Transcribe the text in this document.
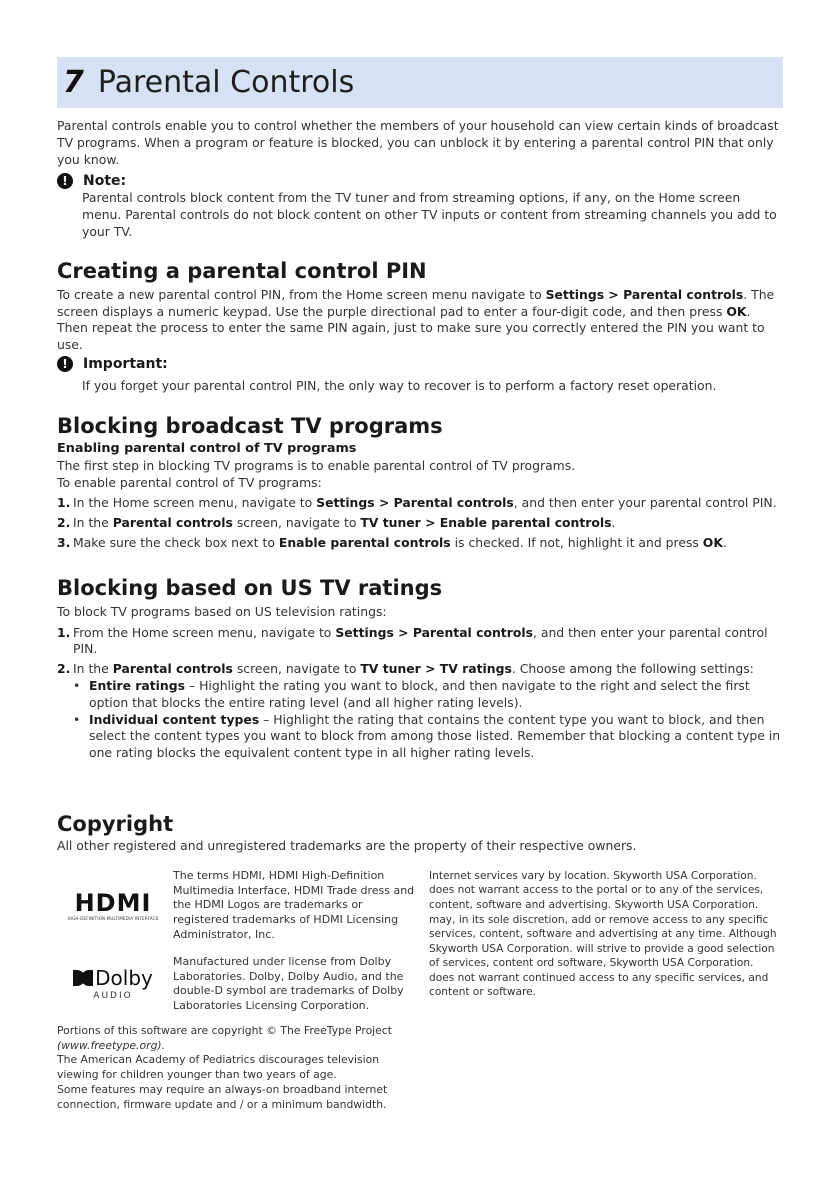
7 Parental Controls

Parental controls enable you to control whether the members of your household can view certain kinds of broadcast TV programs. When a program or feature is blocked, you can unblock it by entering a parental control PIN that only you know.

!	Note:

Parental controls block content from the TV tuner and from streaming options, if any, on the Home screen menu. Parental controls do not block content on other TV inputs or content from streaming channels you add to your TV.

Creating a parental control PIN

To create a new parental control PIN, from the Home screen menu navigate to Settings > Parental controls. The screen displays a numeric keypad. Use the purple directional pad to enter a four-digit code, and then press OK. Then repeat the process to enter the same PIN again, just to make sure you correctly entered the PIN you want to use.

!	Important:

If you forget your parental control PIN, the only way to recover is to perform a factory reset operation.

Blocking broadcast TV programs
Enabling parental control of TV programs

The first step in blocking TV programs is to enable parental control of TV programs.

To enable parental control of TV programs:

1. In the Home screen menu, navigate to Settings > Parental controls, and then enter your parental control PIN.
2. In the Parental controls screen, navigate to TV tuner > Enable parental controls.
3. Make sure the check box next to Enable parental controls is checked. If not, highlight it and press OK.
Blocking based on US TV ratings

To block TV programs based on US television ratings:

1. From the Home screen menu, navigate to Settings > Parental controls, and then enter your parental control PIN.
2. In the Parental controls screen, navigate to TV tuner > TV ratings. Choose among the following settings:
• Entire ratings – Highlight the rating you want to block, and then navigate to the right and select the first option that blocks the entire rating level (and all higher rating levels).
• Individual content types – Highlight the rating that contains the content type you want to block, and then select the content types you want to block from among those listed. Remember that blocking a content type in one rating blocks the equivalent content type in all higher rating levels.
Copyright

All other registered and unregistered trademarks are the property of their respective owners.

HDMI
HIGH-DEFINITION MULTIMEDIA INTERFACE

The terms HDMI, HDMI High-Definition Multimedia Interface, HDMI Trade dress and the HDMI Logos are trademarks or registered trademarks of HDMI Licensing Administrator, Inc.

Dolby
AUDIO

Manufactured under license from Dolby Laboratories. Dolby, Dolby Audio, and the double-D symbol are trademarks of Dolby Laboratories Licensing Corporation.

Portions of this software are copyright © The FreeType Project (www.freetype.org).

The American Academy of Pediatrics discourages television viewing for children younger than two years of age.

Some features may require an always-on broadband internet connection, firmware update and / or a minimum bandwidth.

Internet services vary by location. Skyworth USA Corporation. does not warrant access to the portal or to any of the services, content, software and advertising. Skyworth USA Corporation. may, in its sole discretion, add or remove access to any specific services, content, software and advertising at any time. Although Skyworth USA Corporation. will strive to provide a good selection of services, content ord software, Skyworth USA Corporation. does not warrant continued access to any specific services, and content or software.
